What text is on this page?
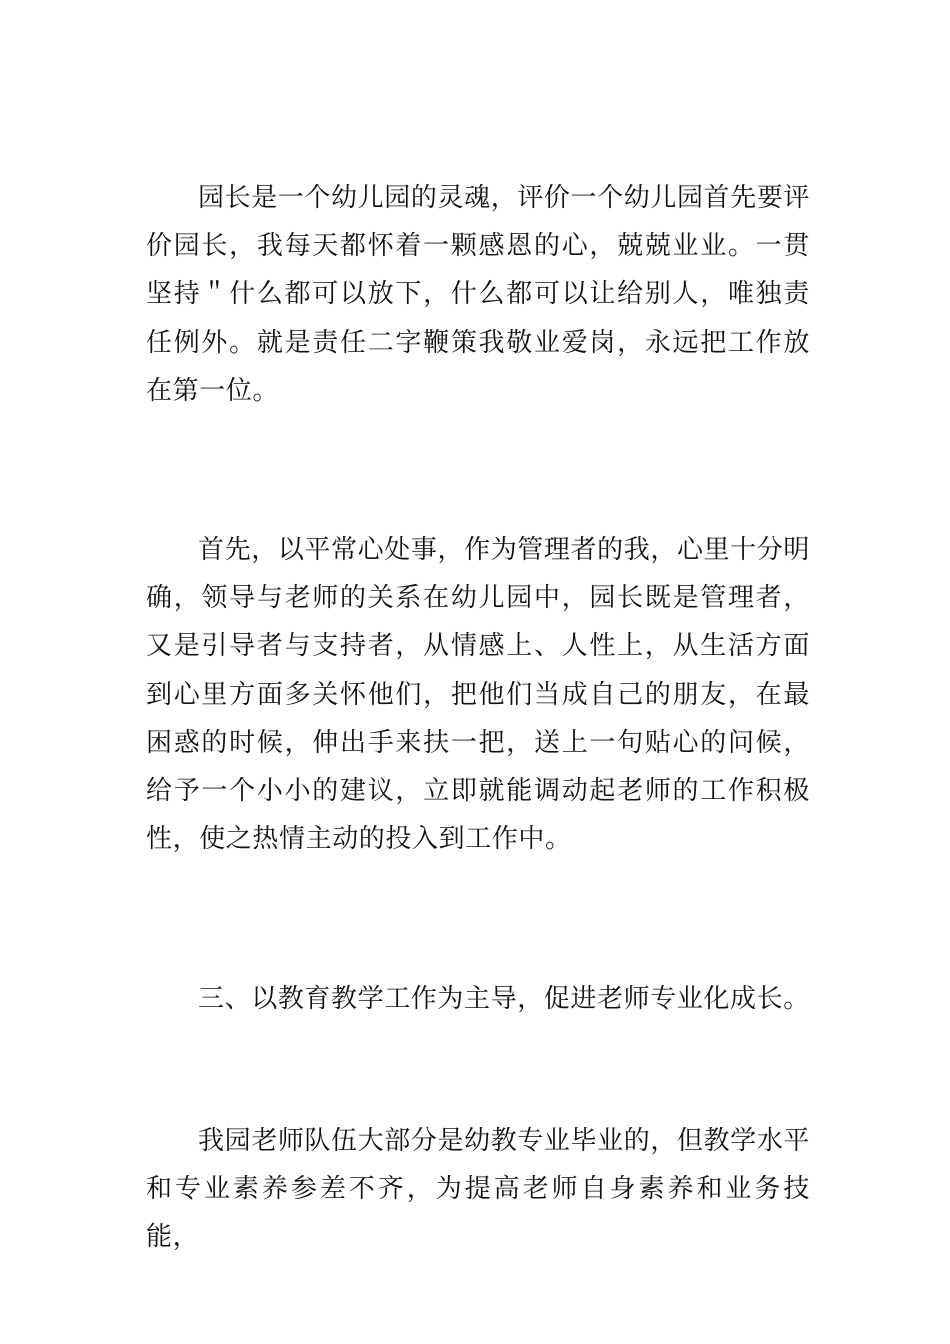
园长是一个幼儿园的灵魂，评价一个幼儿园首先要评价园长，我每天都怀着一颗感恩的心，兢兢业业。一贯坚持＂什么都可以放下，什么都可以让给别人，唯独责任例外。就是责任二字鞭策我敬业爱岗，永远把工作放在第一位。

首先，以平常心处事，作为管理者的我，心里十分明确，领导与老师的关系在幼儿园中，园长既是管理者，又是引导者与支持者，从情感上、人性上，从生活方面到心里方面多关怀他们，把他们当成自己的朋友，在最困惑的时候，伸出手来扶一把，送上一句贴心的问候，给予一个小小的建议，立即就能调动起老师的工作积极性，使之热情主动的投入到工作中。

三、以教育教学工作为主导，促进老师专业化成长。

我园老师队伍大部分是幼教专业毕业的，但教学水平和专业素养参差不齐，为提高老师自身素养和业务技能，
